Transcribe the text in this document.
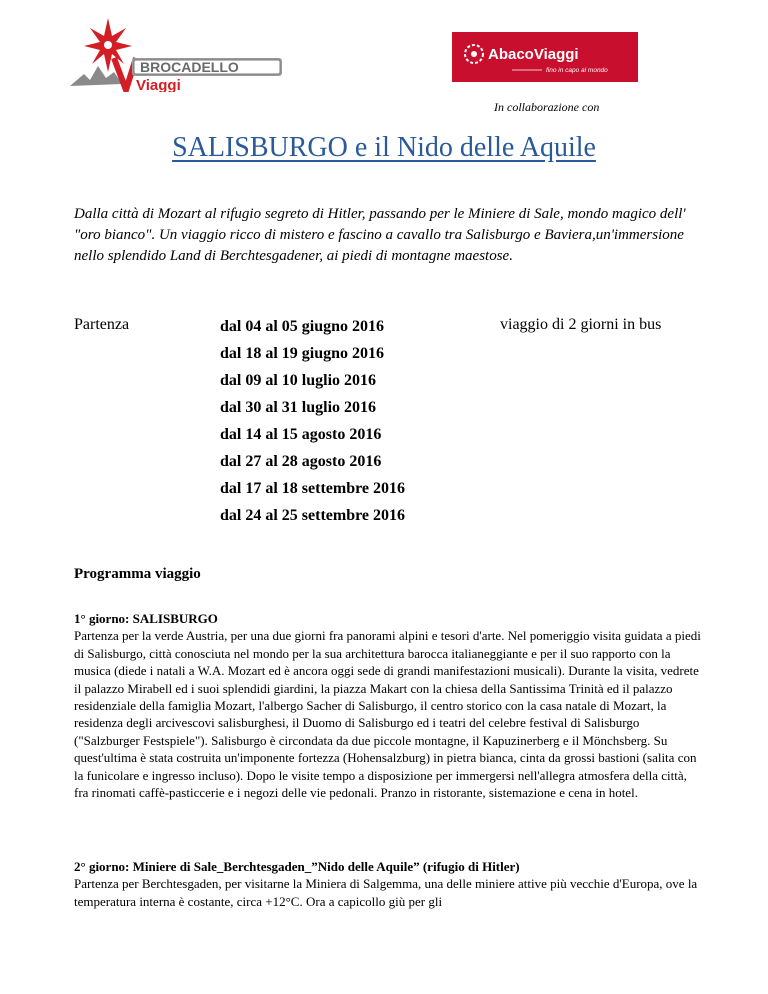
BROCADELLO
Viaggi
AbacoViaggi
fino in capo al mondo
In collaborazione con
SALISBURGO e il Nido delle Aquile

Dalla città di Mozart al rifugio segreto di Hitler, passando per le Miniere di Sale, mondo magico dell' "oro bianco". Un viaggio ricco di mistero e fascino a cavallo tra Salisburgo e Baviera,un'immersione nello splendido Land di Berchtesgadener, ai piedi di montagne maestose.

Partenza	dal 04 al 05 giugno 2016
dal 18 al 19 giugno 2016
dal 09 al 10 luglio 2016
dal 30 al 31 luglio 2016
dal 14 al 15 agosto 2016
dal 27 al 28 agosto 2016
dal 17 al 18 settembre 2016
dal 24 al 25 settembre 2016
viaggio di 2 giorni in bus
Programma viaggio
1° giorno: SALISBURGO
Partenza per la verde Austria, per una due giorni fra panorami alpini e tesori d'arte. Nel pomeriggio visita guidata a piedi di Salisburgo, città conosciuta nel mondo per la sua architettura barocca italianeggiante e per il suo rapporto con la musica (diede i natali a W.A. Mozart ed è ancora oggi sede di grandi manifestazioni musicali). Durante la visita, vedrete il palazzo Mirabell ed i suoi splendidi giardini, la piazza Makart con la chiesa della Santissima Trinità ed il palazzo residenziale della famiglia Mozart, l'albergo Sacher di Salisburgo, il centro storico con la casa natale di Mozart, la residenza degli arcivescovi salisburghesi, il Duomo di Salisburgo ed i teatri del celebre festival di Salisburgo ("Salzburger Festspiele"). Salisburgo è circondata da due piccole montagne, il Kapuzinerberg e il Mönchsberg. Su quest'ultima è stata costruita un'imponente fortezza (Hohensalzburg) in pietra bianca, cinta da grossi bastioni (salita con la funicolare e ingresso incluso). Dopo le visite tempo a disposizione per immergersi nell'allegra atmosfera della città, fra rinomati caffè-pasticcerie e i negozi delle vie pedonali. Pranzo in ristorante, sistemazione e cena in hotel.
2° giorno: Miniere di Sale_Berchtesgaden_”Nido delle Aquile” (rifugio di Hitler)
Partenza per Berchtesgaden, per visitarne la Miniera di Salgemma, una delle miniere attive più vecchie d'Europa, ove la temperatura interna è costante, circa +12°C. Ora a capicollo giù per gli
